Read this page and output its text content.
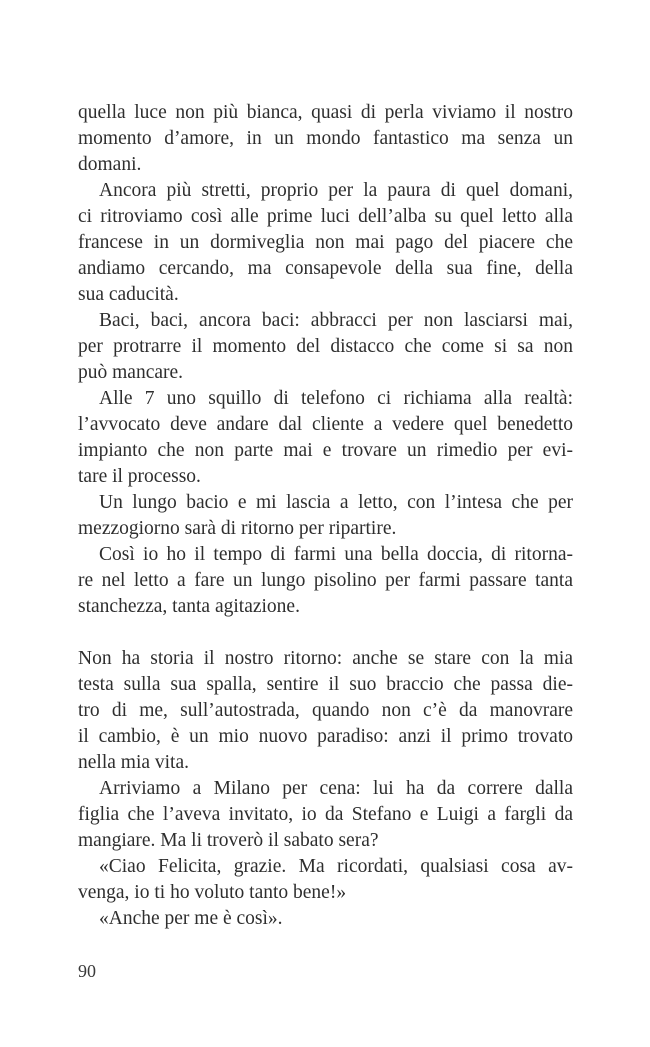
quella luce non più bianca, quasi di perla viviamo il nostro
momento d’amore, in un mondo fantastico ma senza un
domani.
Ancora più stretti, proprio per la paura di quel domani,
ci ritroviamo così alle prime luci dell’alba su quel letto alla
francese in un dormiveglia non mai pago del piacere che
andiamo cercando, ma consapevole della sua fine, della
sua caducità.
Baci, baci, ancora baci: abbracci per non lasciarsi mai,
per protrarre il momento del distacco che come si sa non
può mancare.
Alle 7 uno squillo di telefono ci richiama alla realtà:
l’avvocato deve andare dal cliente a vedere quel benedetto
impianto che non parte mai e trovare un rimedio per evi-
tare il processo.
Un lungo bacio e mi lascia a letto, con l’intesa che per
mezzogiorno sarà di ritorno per ripartire.
Così io ho il tempo di farmi una bella doccia, di ritorna-
re nel letto a fare un lungo pisolino per farmi passare tanta
stanchezza, tanta agitazione.
Non ha storia il nostro ritorno: anche se stare con la mia
testa sulla sua spalla, sentire il suo braccio che passa die-
tro di me, sull’autostrada, quando non c’è da manovrare
il cambio, è un mio nuovo paradiso: anzi il primo trovato
nella mia vita.
Arriviamo a Milano per cena: lui ha da correre dalla
figlia che l’aveva invitato, io da Stefano e Luigi a fargli da
mangiare. Ma li troverò il sabato sera?
«Ciao Felicita, grazie. Ma ricordati, qualsiasi cosa av-
venga, io ti ho voluto tanto bene!»
«Anche per me è così».
90
